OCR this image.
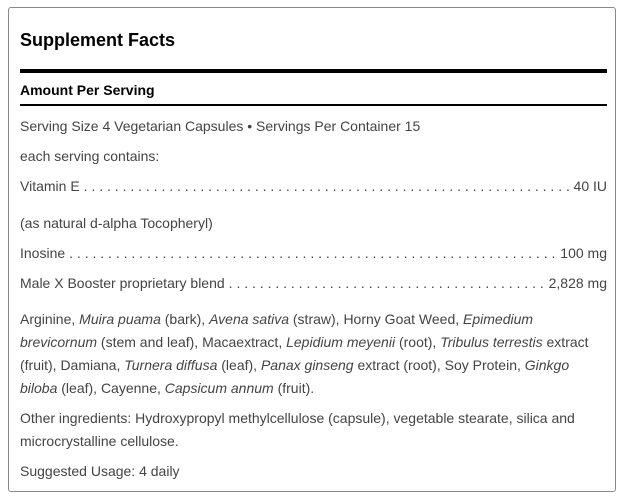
Supplement Facts
Amount Per Serving
Serving Size 4 Vegetarian Capsules • Servings Per Container 15
each serving contains:
Vitamin E . . .	40 IU
(as natural d-alpha Tocopheryl)
Inosine . . .	100 mg
Male X Booster proprietary blend . . .	2,828 mg
Arginine, Muira puama (bark), Avena sativa (straw), Horny Goat Weed, Epimedium brevicornum (stem and leaf), Macaextract, Lepidium meyenii (root), Tribulus terrestis extract (fruit), Damiana, Turnera diffusa (leaf), Panax ginseng extract (root), Soy Protein, Ginkgo biloba (leaf), Cayenne, Capsicum annum (fruit).
Other ingredients: Hydroxypropyl methylcellulose (capsule), vegetable stearate, silica and microcrystalline cellulose.
Suggested Usage: 4 daily
